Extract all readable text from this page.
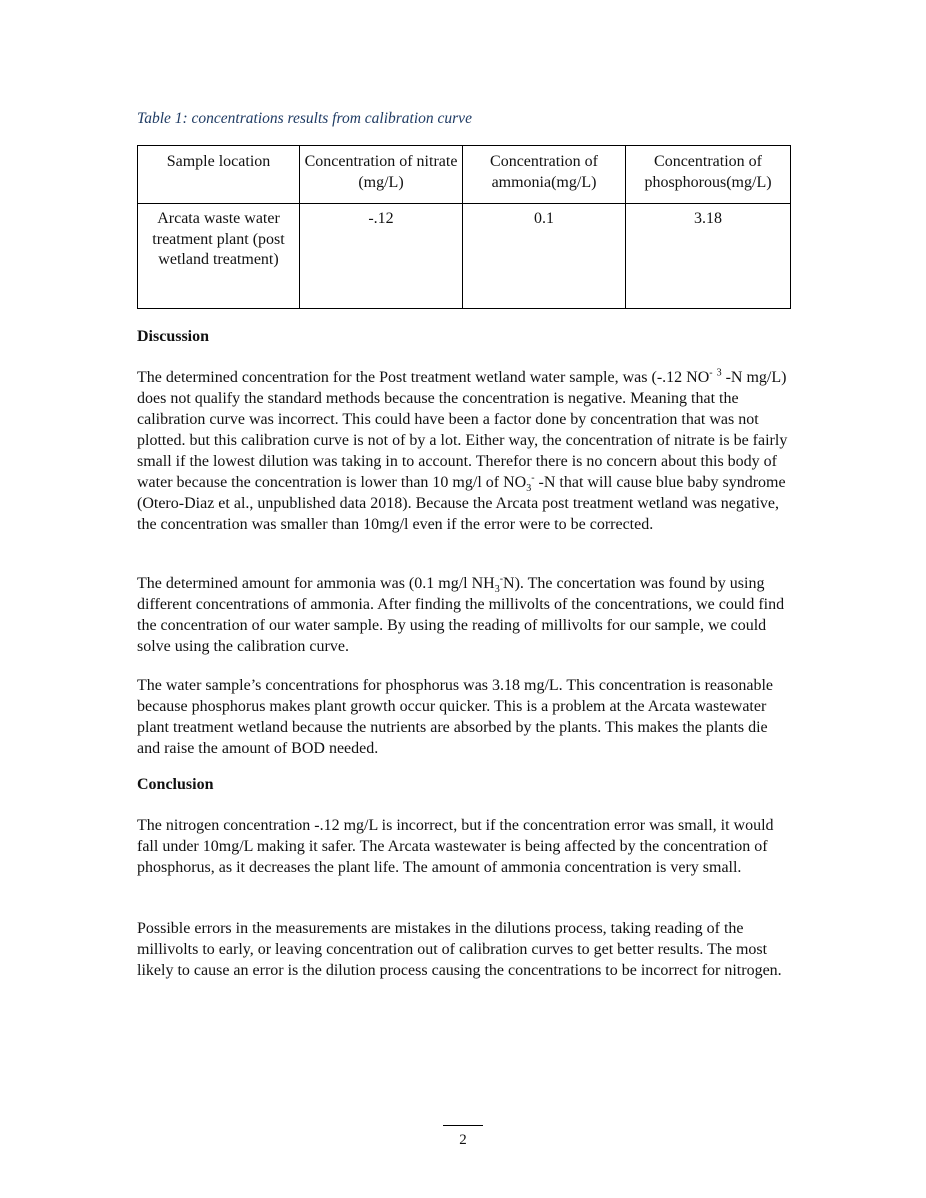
Table 1: concentrations results from calibration curve
Sample location	Concentration of nitrate (mg/L)	Concentration of ammonia(mg/L)	Concentration of phosphorous(mg/L)
Arcata waste water treatment plant (post wetland treatment)	-.12	0.1	3.18
Discussion

The determined concentration for the Post treatment wetland water sample, was (-.12 NO- $^3$ -N mg/L) does not qualify the standard methods because the concentration is negative. Meaning that the calibration curve was incorrect. This could have been a factor done by concentration that was not plotted. but this calibration curve is not of by a lot. Either way, the concentration of nitrate is be fairly small if the lowest dilution was taking in to account. Therefor there is no concern about this body of water because the concentration is lower than 10 mg/l of $NO_3^-$ -N that will cause blue baby syndrome (Otero-Diaz et al., unpublished data 2018). Because the Arcata post treatment wetland was negative, the concentration was smaller than 10mg/l even if the error were to be corrected.

The determined amount for ammonia was (0.1 mg/l $NH_3^-N$). The concertation was found by using different concentrations of ammonia. After finding the millivolts of the concentrations, we could find the concentration of our water sample. By using the reading of millivolts for our sample, we could solve using the calibration curve.

The water sample’s concentrations for phosphorus was 3.18 mg/L. This concentration is reasonable because phosphorus makes plant growth occur quicker. This is a problem at the Arcata wastewater plant treatment wetland because the nutrients are absorbed by the plants. This makes the plants die and raise the amount of BOD needed.

Conclusion

The nitrogen concentration -.12 mg/L is incorrect, but if the concentration error was small, it would fall under 10mg/L making it safer. The Arcata wastewater is being affected by the concentration of phosphorus, as it decreases the plant life. The amount of ammonia concentration is very small.

Possible errors in the measurements are mistakes in the dilutions process, taking reading of the millivolts to early, or leaving concentration out of calibration curves to get better results. The most likely to cause an error is the dilution process causing the concentrations to be incorrect for nitrogen.

2
